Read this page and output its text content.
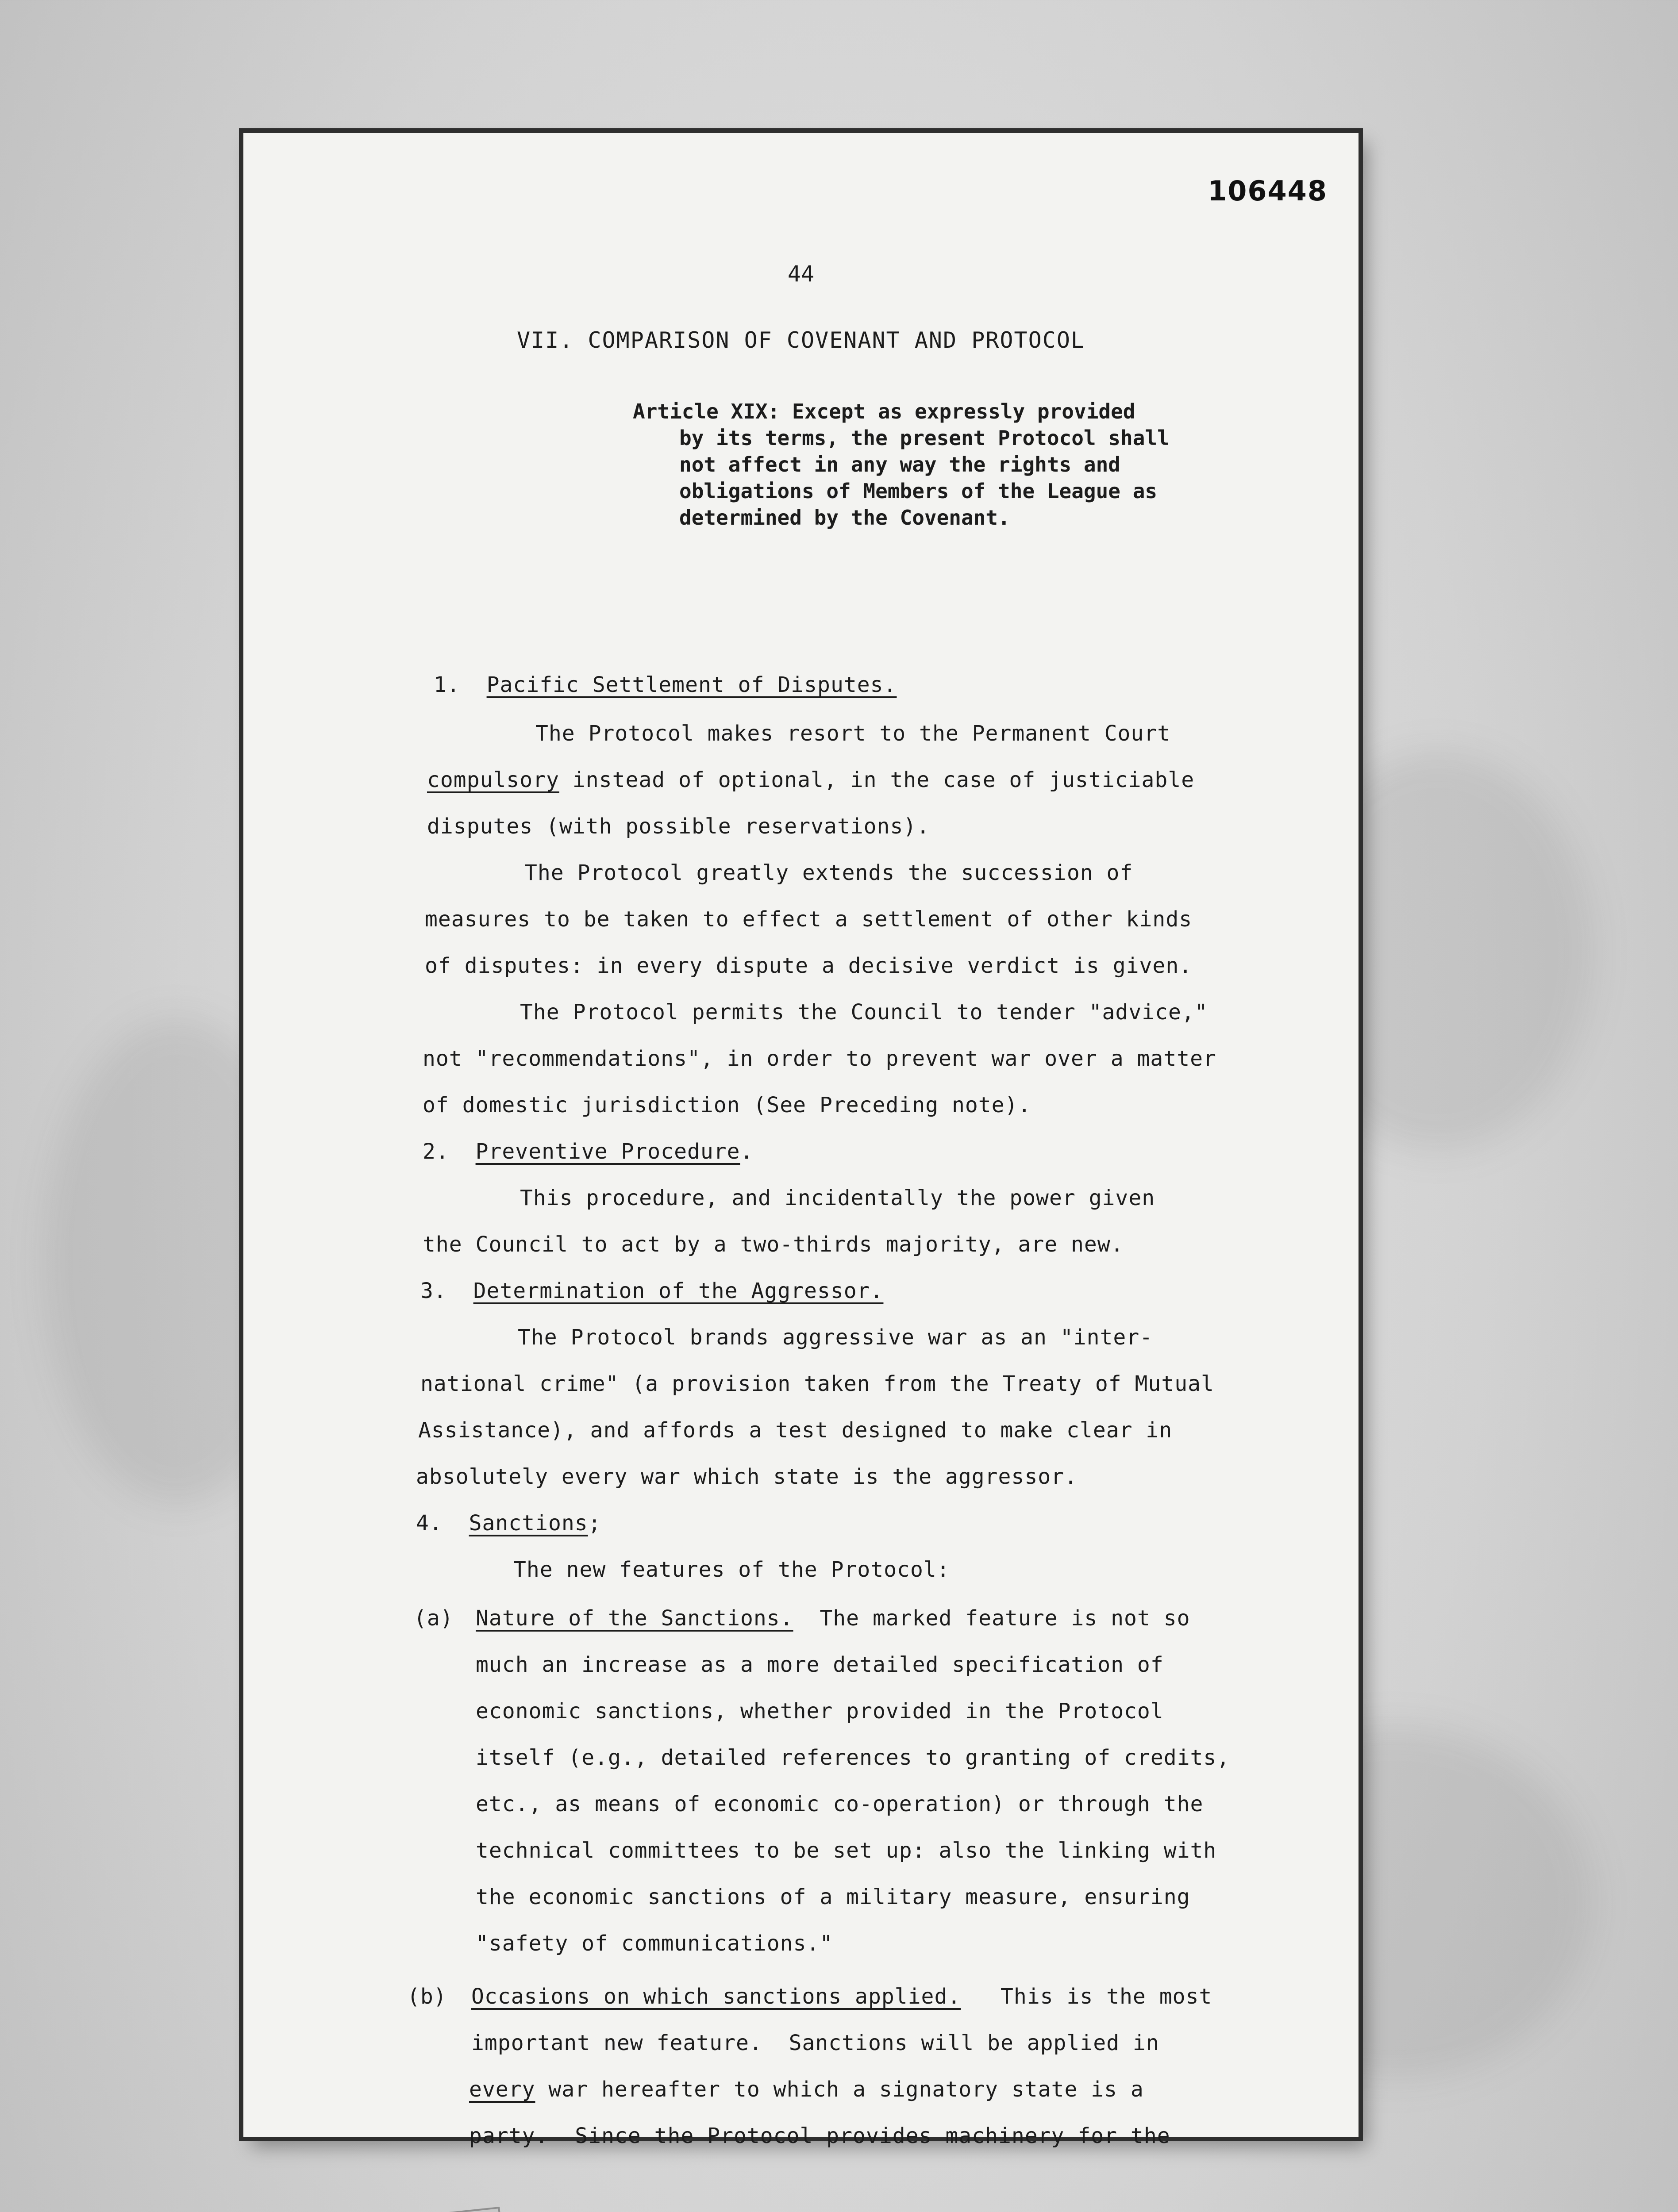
106448
44
VII. COMPARISON OF COVENANT AND PROTOCOL
Article XIX: Except as expressly provided
by its terms, the present Protocol shall
not affect in any way the rights and
obligations of Members of the League as
determined by the Covenant.
1. Pacific Settlement of Disputes.
The Protocol makes resort to the Permanent Court
compulsory instead of optional, in the case of justiciable
disputes (with possible reservations).
The Protocol greatly extends the succession of
measures to be taken to effect a settlement of other kinds
of disputes: in every dispute a decisive verdict is given.
The Protocol permits the Council to tender "advice,"
not "recommendations", in order to prevent war over a matter
of domestic jurisdiction (See Preceding note).
2. Preventive Procedure.
This procedure, and incidentally the power given
the Council to act by a two-thirds majority, are new.
3. Determination of the Aggressor.
The Protocol brands aggressive war as an "inter-
national crime" (a provision taken from the Treaty of Mutual
Assistance), and affords a test designed to make clear in
absolutely every war which state is the aggressor.
4. Sanctions;
The new features of the Protocol:
(a) Nature of the Sanctions.  The marked feature is not so
much an increase as a more detailed specification of
economic sanctions, whether provided in the Protocol
itself (e.g., detailed references to granting of credits,
etc., as means of economic co-operation) or through the
technical committees to be set up: also the linking with
the economic sanctions of a military measure, ensuring
"safety of communications."
(b) Occasions on which sanctions applied.   This is the most
important new feature.  Sanctions will be applied in
every war hereafter to which a signatory state is a
party.  Since the Protocol provides machinery for the
